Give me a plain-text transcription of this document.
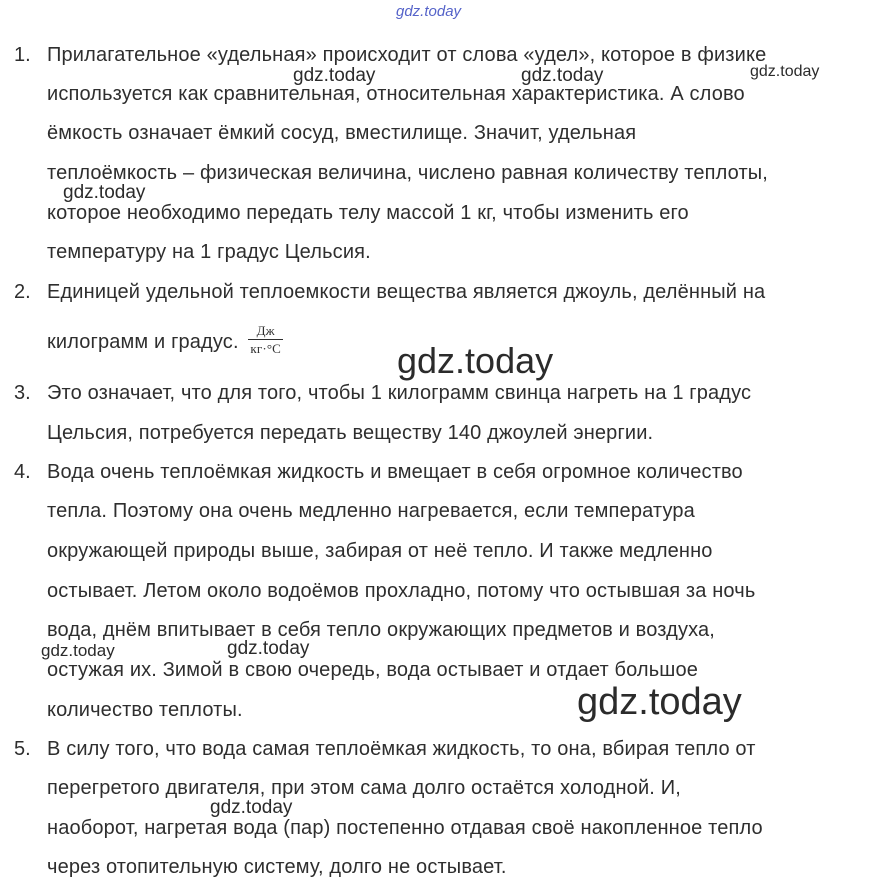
1. Прилагательное «удельная» происходит от слова «удел», которое в физике
используется как сравнительная, относительная характеристика. А слово
ёмкость означает ёмкий сосуд, вместилище. Значит, удельная
теплоёмкость – физическая величина, числено равная количеству теплоты,
которое необходимо передать телу массой 1 кг, чтобы изменить его
температуру на 1 градус Цельсия.
2. Единицей удельной теплоемкости вещества является джоуль, делённый на
килограмм и градус. $\frac{Дж}{кг\cdot^\circ C}$
3. Это означает, что для того, чтобы 1 килограмм свинца нагреть на 1 градус
Цельсия, потребуется передать веществу 140 джоулей энергии.
4. Вода очень теплоёмкая жидкость и вмещает в себя огромное количество
тепла. Поэтому она очень медленно нагревается, если температура
окружающей природы выше, забирая от неё тепло. И также медленно
остывает. Летом около водоёмов прохладно, потому что остывшая за ночь
вода, днём впитывает в себя тепло окружающих предметов и воздуха,
остужая их. Зимой в свою очередь, вода остывает и отдает большое
количество теплоты.
5. В силу того, что вода самая теплоёмкая жидкость, то она, вбирая тепло от
перегретого двигателя, при этом сама долго остаётся холодной. И,
наоборот, нагретая вода (пар) постепенно отдавая своё накопленное тепло
через отопительную систему, долго не остывает.
gdz.today
gdz.today	gdz.today	gdz.today
gdz.today
gdz.today
gdz.today	gdz.today
gdz.today
gdz.today
